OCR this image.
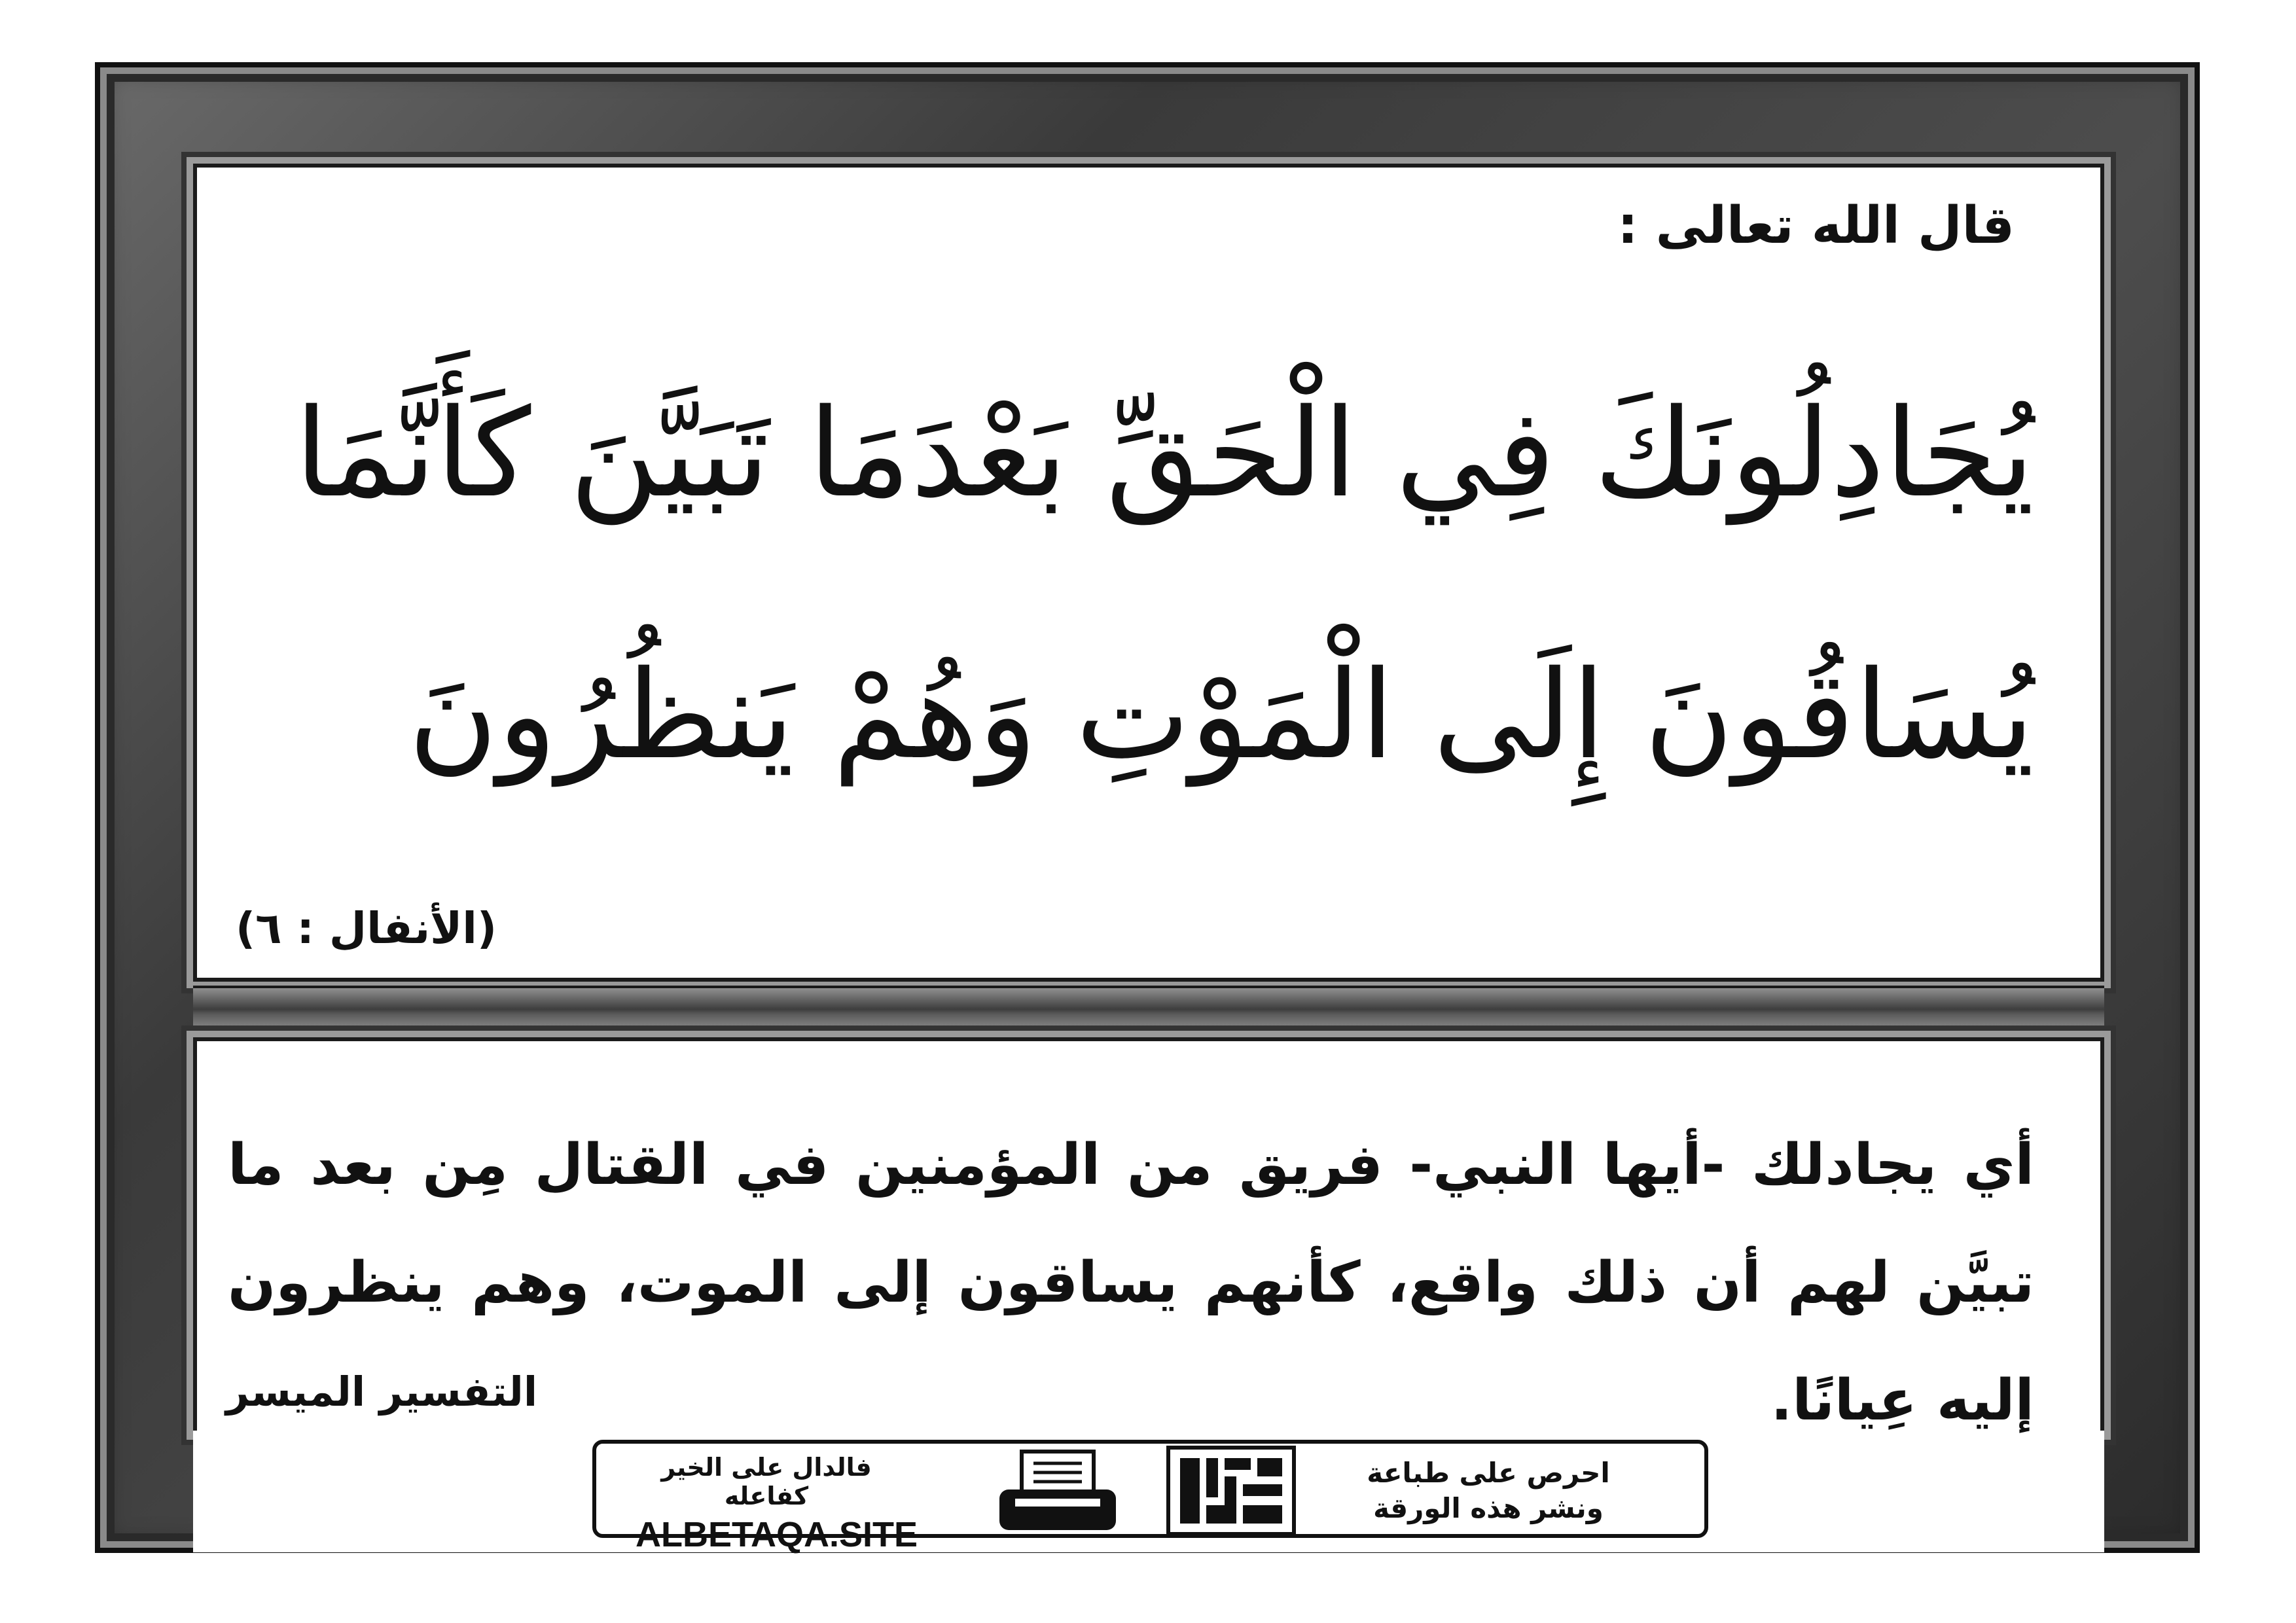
قال الله تعالى :
يُجَادِلُونَكَ فِي الْحَقِّ بَعْدَمَا تَبَيَّنَ كَأَنَّمَا
يُسَاقُونَ إِلَى الْمَوْتِ وَهُمْ يَنظُرُونَ
(الأنفال : ٦)
أي يجادلك -أيها النبي- فريق من المؤمنين في القتال مِن بعد ما تبيَّن لهم أن ذلك واقع، كأنهم يساقون إلى الموت، وهم ينظرون إليه عِيانًا.
التفسير الميسر
فالدال على الخير كفاعله
ALBETAQA.SITE
احرص على طباعة
ونشر هذه الورقة
